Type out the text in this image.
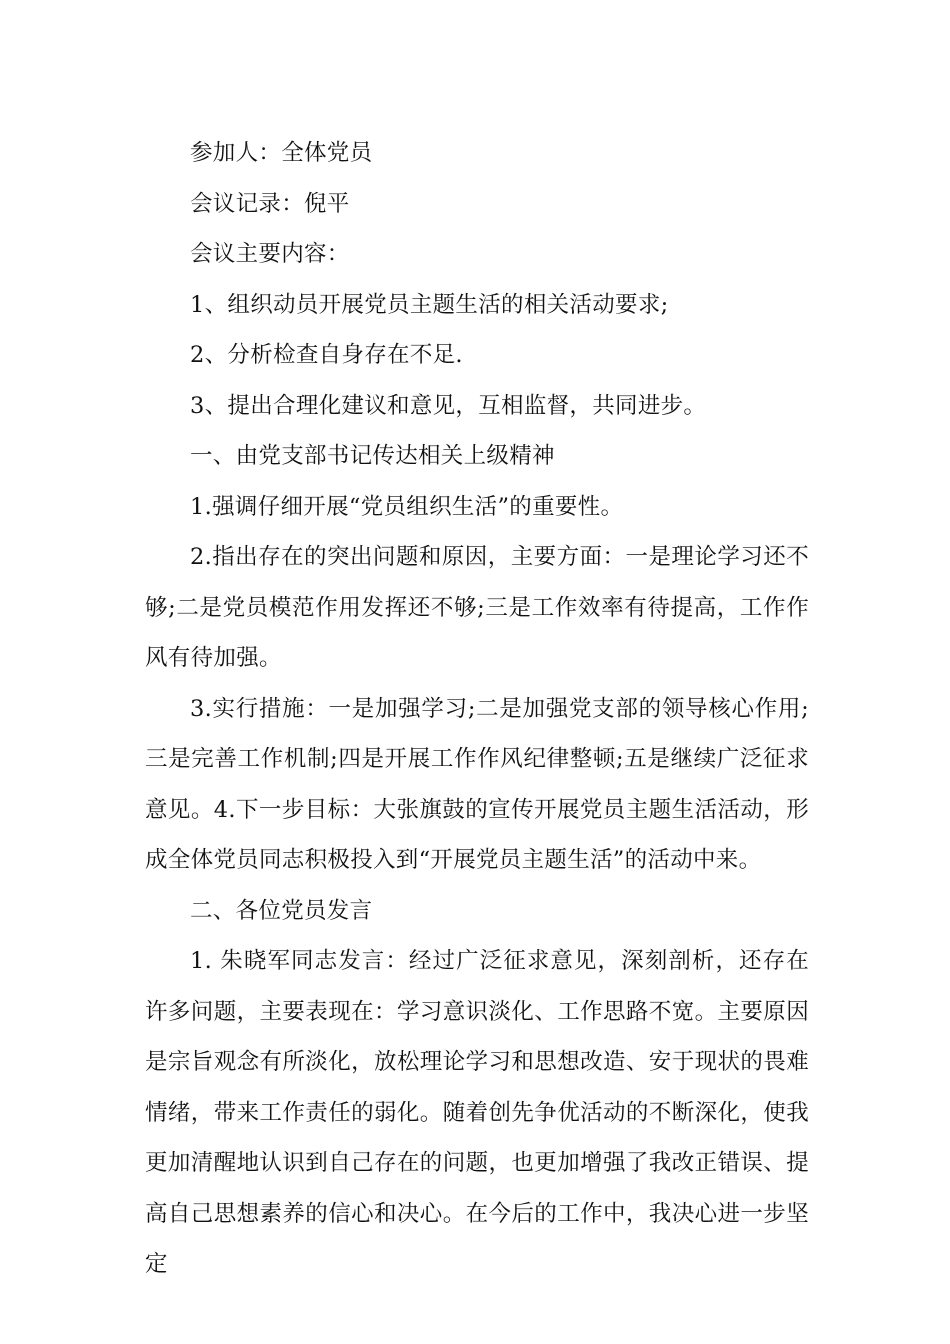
参加人：全体党员

会议记录：倪平

会议主要内容：

1、组织动员开展党员主题生活的相关活动要求;

2、分析检查自身存在不足.

3、提出合理化建议和意见，互相监督，共同进步。

一、由党支部书记传达相关上级精神

1.强调仔细开展“党员组织生活”的重要性。

2.指出存在的突出问题和原因，主要方面：一是理论学习还不够;二是党员模范作用发挥还不够;三是工作效率有待提高，工作作风有待加强。

3.实行措施：一是加强学习;二是加强党支部的领导核心作用;三是完善工作机制;四是开展工作作风纪律整顿;五是继续广泛征求意见。4.下一步目标：大张旗鼓的宣传开展党员主题生活活动，形成全体党员同志积极投入到“开展党员主题生活”的活动中来。

二、各位党员发言

1. 朱晓军同志发言：经过广泛征求意见，深刻剖析，还存在许多问题，主要表现在：学习意识淡化、工作思路不宽。主要原因是宗旨观念有所淡化，放松理论学习和思想改造、安于现状的畏难情绪，带来工作责任的弱化。随着创先争优活动的不断深化，使我更加清醒地认识到自己存在的问题，也更加增强了我改正错误、提高自己思想素养的信心和决心。在今后的工作中，我决心进一步坚定
